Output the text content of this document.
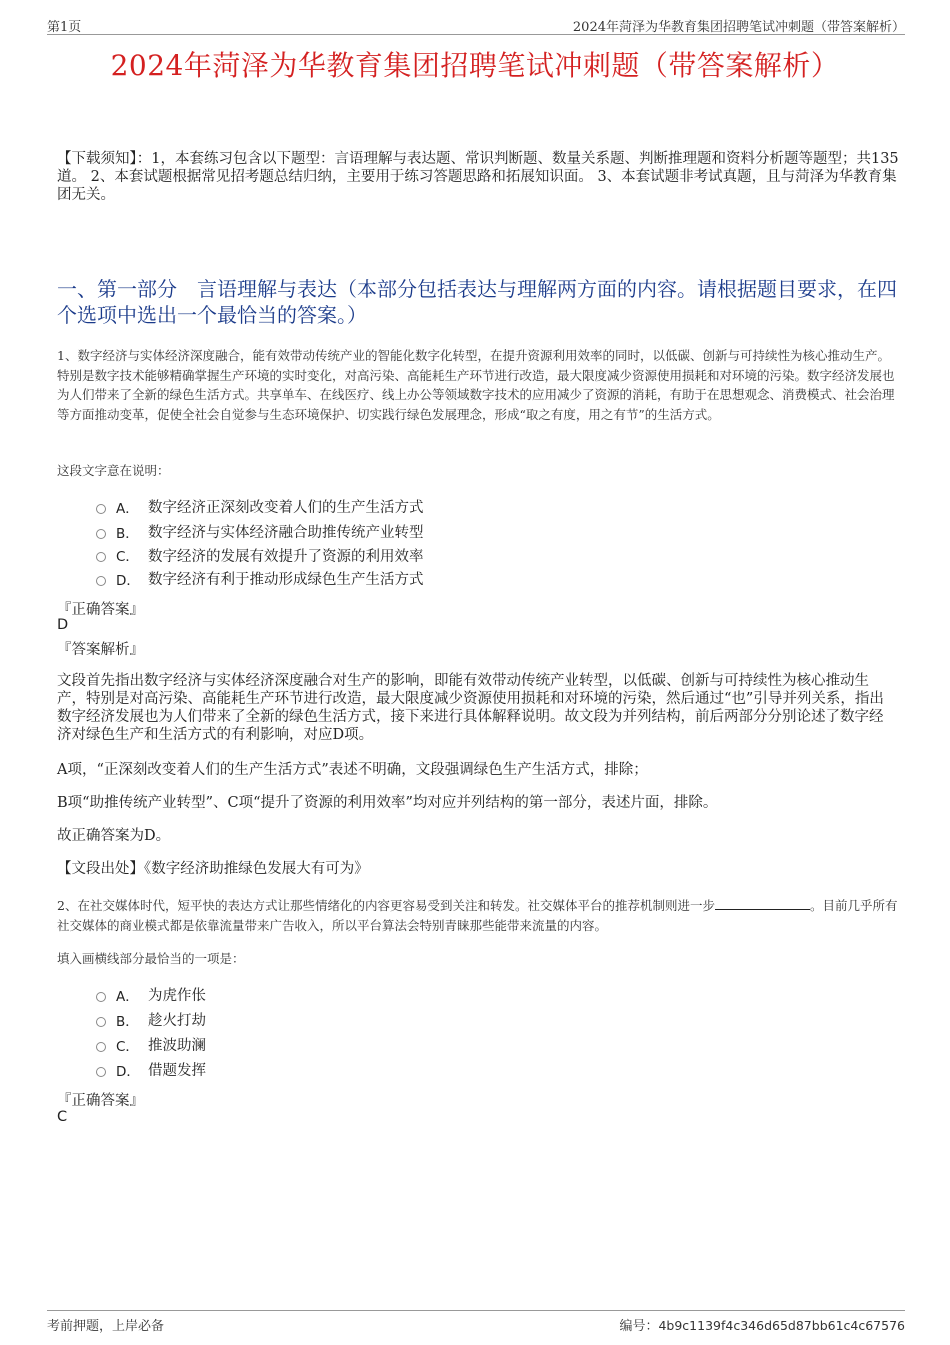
第1页	2024年菏泽为华教育集团招聘笔试冲刺题（带答案解析）
2024年菏泽为华教育集团招聘笔试冲刺题（带答案解析）
【下载须知】：1，本套练习包含以下题型：言语理解与表达题、常识判断题、数量关系题、判断推理题和资料分析题等题型；共135道。 2、本套试题根据常见招考题总结归纳，主要用于练习答题思路和拓展知识面。 3、本套试题非考试真题，且与菏泽为华教育集团无关。
一、第一部分　言语理解与表达（本部分包括表达与理解两方面的内容。请根据题目要求，在四个选项中选出一个最恰当的答案。）
1、数字经济与实体经济深度融合，能有效带动传统产业的智能化数字化转型，在提升资源利用效率的同时，以低碳、创新与可持续性为核心推动生产。特别是数字技术能够精确掌握生产环境的实时变化，对高污染、高能耗生产环节进行改造，最大限度减少资源使用损耗和对环境的污染。数字经济发展也为人们带来了全新的绿色生活方式。共享单车、在线医疗、线上办公等领域数字技术的应用减少了资源的消耗，有助于在思想观念、消费模式、社会治理等方面推动变革，促使全社会自觉参与生态环境保护、切实践行绿色发展理念，形成“取之有度，用之有节”的生活方式。
这段文字意在说明：
A． 数字经济正深刻改变着人们的生产生活方式
B． 数字经济与实体经济融合助推传统产业转型
C． 数字经济的发展有效提升了资源的利用效率
D． 数字经济有利于推动形成绿色生产生活方式
『正确答案』
D
『答案解析』
文段首先指出数字经济与实体经济深度融合对生产的影响，即能有效带动传统产业转型，以低碳、创新与可持续性为核心推动生产，特别是对高污染、高能耗生产环节进行改造，最大限度减少资源使用损耗和对环境的污染，然后通过“也”引导并列关系，指出数字经济发展也为人们带来了全新的绿色生活方式，接下来进行具体解释说明。故文段为并列结构，前后两部分分别论述了数字经济对绿色生产和生活方式的有利影响，对应D项。
A项，“正深刻改变着人们的生产生活方式”表述不明确，文段强调绿色生产生活方式，排除；
B项“助推传统产业转型”、C项“提升了资源的利用效率”均对应并列结构的第一部分，表述片面，排除。
故正确答案为D。
【文段出处】《数字经济助推绿色发展大有可为》
2、在社交媒体时代，短平快的表达方式让那些情绪化的内容更容易受到关注和转发。社交媒体平台的推荐机制则进一步	。目前几乎所有社交媒体的商业模式都是依靠流量带来广告收入，所以平台算法会特别青睐那些能带来流量的内容。
填入画横线部分最恰当的一项是：
A． 为虎作伥
B． 趁火打劫
C． 推波助澜
D． 借题发挥
『正确答案』
C
考前押题，上岸必备	编号：4b9c1139f4c346d65d87bb61c4c67576
